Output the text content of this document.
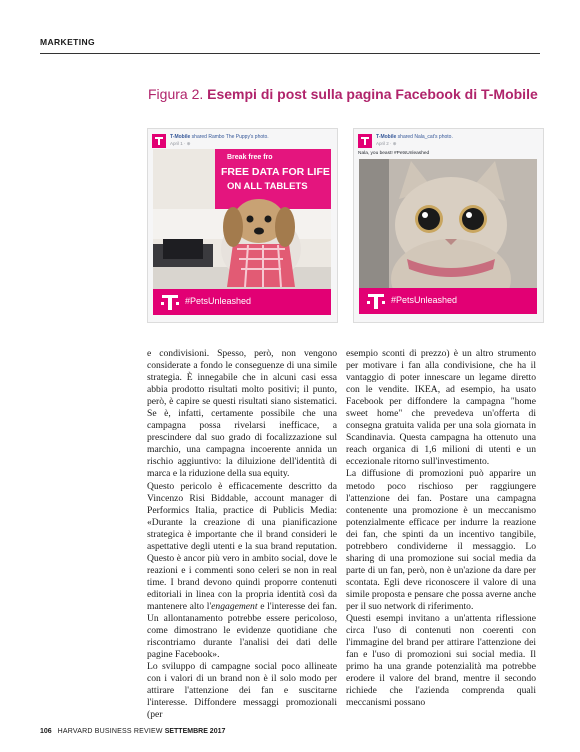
MARKETING
Figura 2. Esempi di post sulla pagina Facebook di T-Mobile
T-Mobile shared Rambo The Puppy's photo.
April 1 · ⊕
Break free fro
FREE DATA FOR LIFE
ON ALL TABLETS
#PetsUnleashed
T-Mobile shared Nala_cat's photo.
April 2 · ⊕
Nala, you beast! #PetsUnleashed
#PetsUnleashed

e condivisioni. Spesso, però, non vengono considerate a fondo le conseguenze di una simile strategia. È innegabile che in alcuni casi essa abbia prodotto risultati molto positivi; il punto, però, è capire se questi risultati siano sistematici. Se è, infatti, certamente possibile che una campagna possa rivelarsi inefficace, a prescindere dal suo grado di focalizzazione sul marchio, una campagna incoerente annida un rischio aggiuntivo: la diluizione dell'identità di marca e la riduzione della sua equity.

Questo pericolo è efficacemente descritto da Vincenzo Risi Biddable, account manager di Performics Italia, practice di Publicis Media: «Durante la creazione di una pianificazione strategica è importante che il brand consideri le aspettative degli utenti e la sua brand reputation. Questo è ancor più vero in ambito social, dove le reazioni e i commenti sono celeri se non in real time. I brand devono quindi proporre contenuti editoriali in linea con la propria identità così da mantenere alto l'engagement e l'interesse dei fan. Un allontanamento potrebbe essere pericoloso, come dimostrano le evidenze quotidiane che riscontriamo durante l'analisi dei dati delle pagine Facebook».

Lo sviluppo di campagne social poco allineate con i valori di un brand non è il solo modo per attirare l'attenzione dei fan e suscitarne l'interesse. Diffondere messaggi promozionali (per

esempio sconti di prezzo) è un altro strumento per motivare i fan alla condivisione, che ha il vantaggio di poter innescare un legame diretto con le vendite. IKEA, ad esempio, ha usato Facebook per diffondere la campagna "home sweet home" che prevedeva un'offerta di consegna gratuita valida per una sola giornata in Scandinavia. Questa campagna ha ottenuto una reach organica di 1,6 milioni di utenti e un eccezionale ritorno sull'investimento.

La diffusione di promozioni può apparire un metodo poco rischioso per raggiungere l'attenzione dei fan. Postare una campagna contenente una promozione è un meccanismo potenzialmente efficace per indurre la reazione dei fan, che spinti da un incentivo tangibile, potrebbero condividerne il messaggio. Lo sharing di una promozione sui social media da parte di un fan, però, non è un'azione da dare per scontata. Egli deve riconoscere il valore di una simile proposta e pensare che possa averne anche per il suo network di riferimento.

Questi esempi invitano a un'attenta riflessione circa l'uso di contenuti non coerenti con l'immagine del brand per attirare l'attenzione dei fan e l'uso di promozioni sui social media. Il primo ha una grande potenzialità ma potrebbe erodere il valore del brand, mentre il secondo richiede che l'azienda comprenda quali meccanismi possano

106 HARVARD BUSINESS REVIEW SETTEMBRE 2017
